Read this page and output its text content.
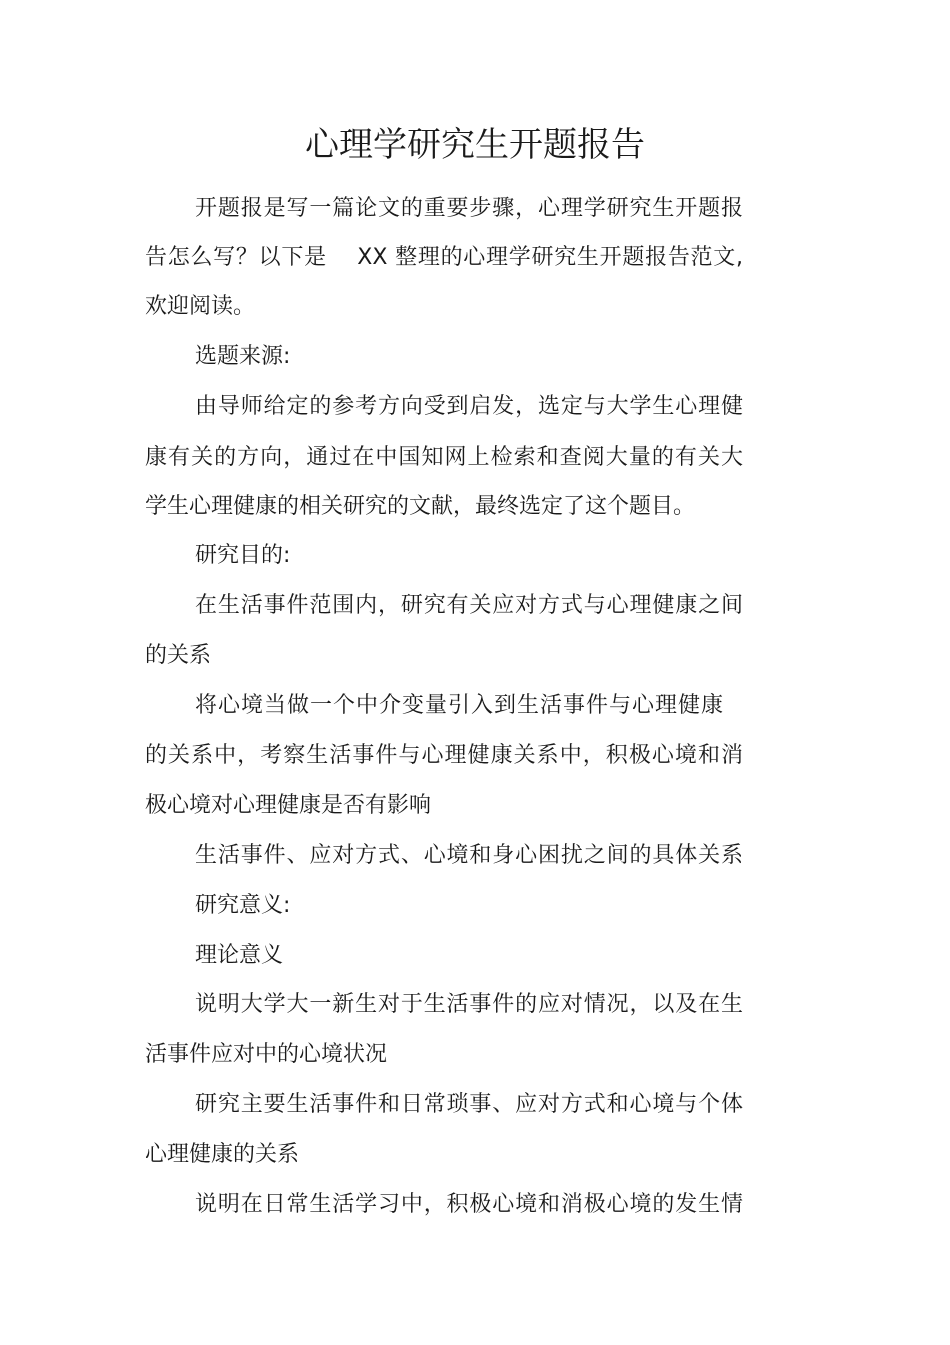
心理学研究生开题报告

开题报是写一篇论文的重要步骤，心理学研究生开题报

告怎么写？以下是　 XX 整理的心理学研究生开题报告范文,

欢迎阅读。

选题来源:

由导师给定的参考方向受到启发，选定与大学生心理健

康有关的方向，通过在中国知网上检索和查阅大量的有关大

学生心理健康的相关研究的文献，最终选定了这个题目。

研究目的:

在生活事件范围内，研究有关应对方式与心理健康之间

的关系

将心境当做一个中介变量引入到生活事件与心理健康

的关系中，考察生活事件与心理健康关系中，积极心境和消

极心境对心理健康是否有影响

生活事件、应对方式、心境和身心困扰之间的具体关系

研究意义:

理论意义

说明大学大一新生对于生活事件的应对情况，以及在生

活事件应对中的心境状况

研究主要生活事件和日常琐事、应对方式和心境与个体

心理健康的关系

说明在日常生活学习中，积极心境和消极心境的发生情
